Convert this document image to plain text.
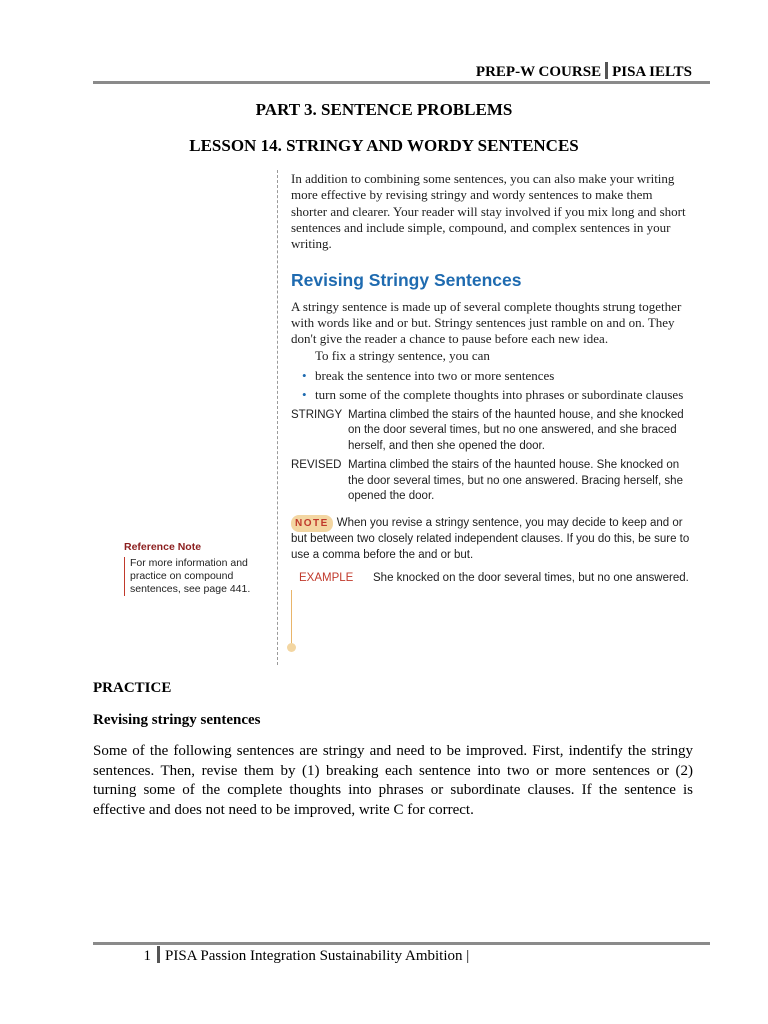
PREP-W COURSE PISA IELTS
PART 3. SENTENCE PROBLEMS
LESSON 14. STRINGY AND WORDY SENTENCES

In addition to combining some sentences, you can also make your writing more effective by revising stringy and wordy sentences to make them shorter and clearer. Your reader will stay involved if you mix long and short sentences and include simple, compound, and complex sentences in your writing.

Revising Stringy Sentences

A stringy sentence is made up of several complete thoughts strung together with words like and or but. Stringy sentences just ramble on and on. They don't give the reader a chance to pause before each new idea.

To fix a stringy sentence, you can

• break the sentence into two or more sentences
• turn some of the complete thoughts into phrases or subordinate clauses
STRINGY Martina climbed the stairs of the haunted house, and she knocked on the door several times, but no one answered, and she braced herself, and then she opened the door.
REVISED Martina climbed the stairs of the haunted house. She knocked on the door several times, but no one answered. Bracing herself, she opened the door.
NOTE When you revise a stringy sentence, you may decide to keep and or but between two closely related independent clauses. If you do this, be sure to use a comma before the and or but.
EXAMPLE	She knocked on the door several times, but no one answered.
Reference Note
For more information and practice on compound sentences, see page 441.
PRACTICE
Revising stringy sentences

Some of the following sentences are stringy and need to be improved. First, indentify the stringy sentences. Then, revise them by (1) breaking each sentence into two or more sentences or (2) turning some of the complete thoughts into phrases or subordinate clauses. If the sentence is effective and does not need to be improved, write C for correct.

1 PISA Passion Integration Sustainability Ambition |
